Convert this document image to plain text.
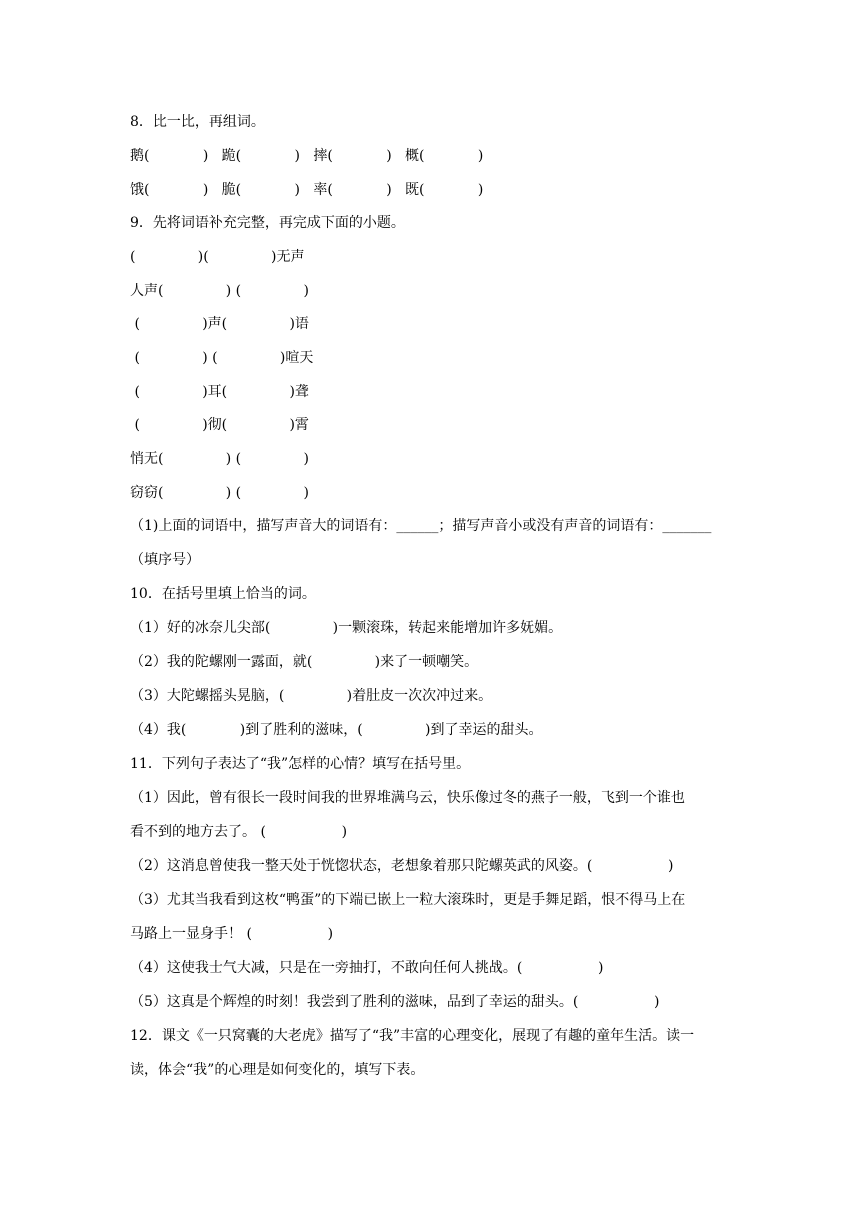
8．比一比，再组词。
鹅(            )   跪(            )   摔(            )   概(            )
饿(            )   脆(            )   率(            )   既(            )
9．先将词语补充完整，再完成下面的小题。
(              )(              )无声
人声(              ) (              )
(              )声(              )语
(              ) (              )喧天
(              )耳(              )聋
(              )彻(              )霄
悄无(              ) (              )
窃窃(              ) (              )
（1)上面的词语中，描写声音大的词语有：______；描写声音小或没有声音的词语有：_______
（填序号）
10．在括号里填上恰当的词。
（1）好的冰奈儿尖部(              )一颗滚珠，转起来能增加许多妩媚。
（2）我的陀螺刚一露面，就(              )来了一顿嘲笑。
（3）大陀螺摇头晃脑，(              )着肚皮一次次冲过来。
（4）我(            )到了胜利的滋味，(              )到了幸运的甜头。
11．下列句子表达了“我”怎样的心情？填写在括号里。
（1）因此，曾有很长一段时间我的世界堆满乌云，快乐像过冬的燕子一般，飞到一个谁也
看不到的地方去了。 (                 )
（2）这消息曾使我一整天处于恍惚状态，老想象着那只陀螺英武的风姿。(                 )
（3）尤其当我看到这枚“鸭蛋”的下端已嵌上一粒大滚珠时，更是手舞足蹈，恨不得马上在
马路上一显身手！ (                 )
（4）这使我士气大减，只是在一旁抽打，不敢向任何人挑战。(                 )
（5）这真是个辉煌的时刻！我尝到了胜利的滋味，品到了幸运的甜头。(                 )
12．课文《一只窝囊的大老虎》描写了“我”丰富的心理变化，展现了有趣的童年生活。读一
读，体会“我”的心理是如何变化的，填写下表。
